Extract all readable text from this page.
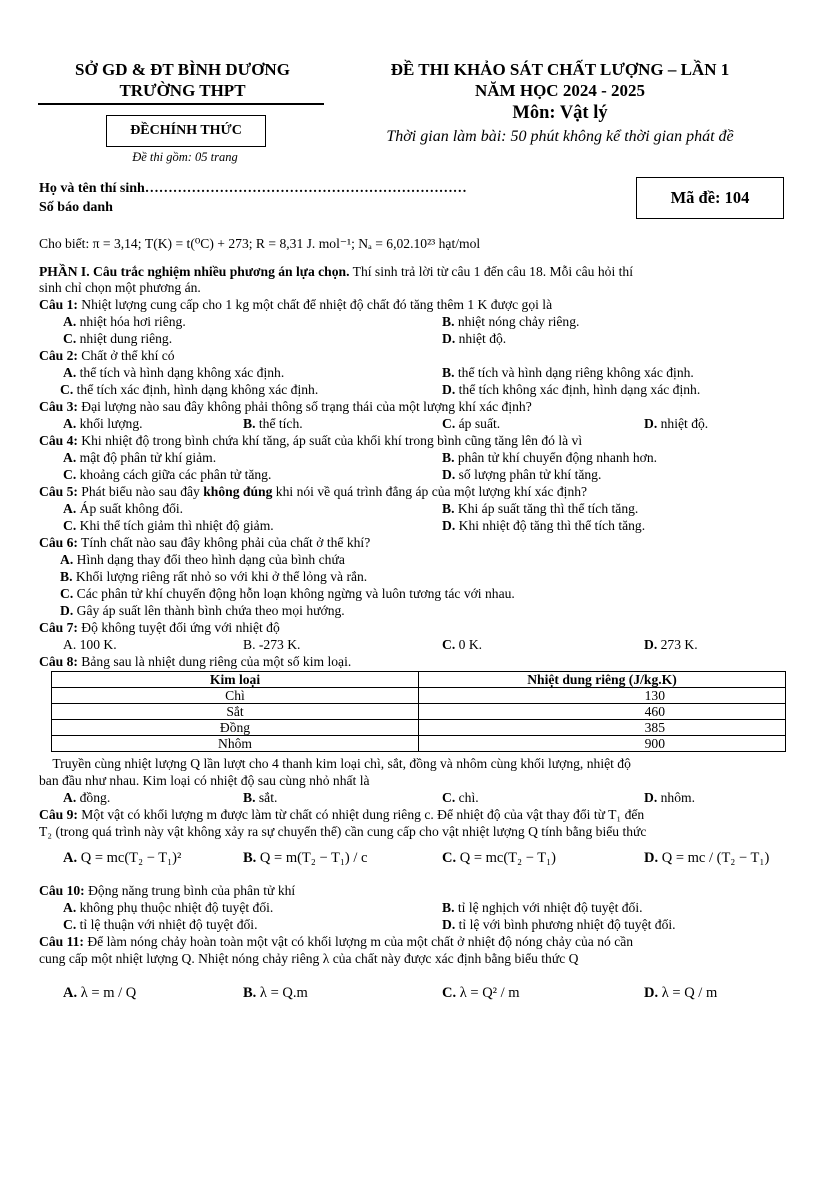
SỞ GD & ĐT BÌNH DƯƠNG
TRƯỜNG THPT
ĐỀCHÍNH THỨC
Đề thi gồm: 05 trang
ĐỀ THI KHẢO SÁT CHẤT LƯỢNG – LẦN 1
NĂM HỌC 2024 - 2025
Môn: Vật lý
Thời gian làm bài: 50 phút không kể thời gian phát đề
Họ và tên thí sinh……………………………………………………………
Số báo danh
Mã đề: 104
Cho biết: π = 3,14; T(K) = t(⁰C) + 273; R = 8,31 J. mol⁻¹; Nₐ = 6,02.10²³ hạt/mol
PHẦN I. Câu trắc nghiệm nhiều phương án lựa chọn. Thí sinh trả lời từ câu 1 đến câu 18. Mỗi câu hỏi thí
sinh chỉ chọn một phương án.
Câu 1: Nhiệt lượng cung cấp cho 1 kg một chất để nhiệt độ chất đó tăng thêm 1 K được gọi là
A. nhiệt hóa hơi riêng.	B. nhiệt nóng chảy riêng.
C. nhiệt dung riêng.	D. nhiệt độ.
Câu 2: Chất ở thể khí có
A. thể tích và hình dạng không xác định.	B. thể tích và hình dạng riêng không xác định.
C. thể tích xác định, hình dạng không xác định.	D. thể tích không xác định, hình dạng xác định.
Câu 3: Đại lượng nào sau đây không phải thông số trạng thái của một lượng khí xác định?
A. khối lượng.	B. thể tích.	C. áp suất.	D. nhiệt độ.
Câu 4: Khi nhiệt độ trong bình chứa khí tăng, áp suất của khối khí trong bình cũng tăng lên đó là vì
A. mật độ phân tử khí giảm.	B. phân tử khí chuyển động nhanh hơn.
C. khoảng cách giữa các phân tử tăng.	D. số lượng phân tử khí tăng.
Câu 5: Phát biểu nào sau đây không đúng khi nói về quá trình đẳng áp của một lượng khí xác định?
A. Áp suất không đổi.	B. Khi áp suất tăng thì thể tích tăng.
C. Khi thể tích giảm thì nhiệt độ giảm.	D. Khi nhiệt độ tăng thì thể tích tăng.
Câu 6: Tính chất nào sau đây không phải của chất ở thể khí?
A. Hình dạng thay đổi theo hình dạng của bình chứa
B. Khối lượng riêng rất nhỏ so với khi ở thể lỏng và rắn.
C. Các phân tử khí chuyển động hỗn loạn không ngừng và luôn tương tác với nhau.
D. Gây áp suất lên thành bình chứa theo mọi hướng.
Câu 7: Độ không tuyệt đối ứng với nhiệt độ
A. 100 K.	B. -273 K.	C. 0 K.	D. 273 K.
Câu 8: Bảng sau là nhiệt dung riêng của một số kim loại.
Kim loại	Nhiệt dung riêng (J/kg.K)
Chì	130
Sắt	460
Đồng	385
Nhôm	900
Truyền cùng nhiệt lượng Q lần lượt cho 4 thanh kim loại chì, sắt, đồng và nhôm cùng khối lượng, nhiệt độ
ban đầu như nhau. Kim loại có nhiệt độ sau cùng nhỏ nhất là
A. đồng.	B. sắt.	C. chì.	D. nhôm.
Câu 9: Một vật có khối lượng m được làm từ chất có nhiệt dung riêng c. Để nhiệt độ của vật thay đổi từ T₁ đến
T₂ (trong quá trình này vật không xảy ra sự chuyển thể) cần cung cấp cho vật nhiệt lượng Q tính bằng biểu thức
A. Q = mc(T₂ − T₁)²	B. Q = m(T₂ − T₁) / c	C. Q = mc(T₂ − T₁)	D. Q = mc / (T₂ − T₁)
Câu 10: Động năng trung bình của phân tử khí
A. không phụ thuộc nhiệt độ tuyệt đối.	B. tỉ lệ nghịch với nhiệt độ tuyệt đối.
C. tỉ lệ thuận với nhiệt độ tuyệt đối.	D. tỉ lệ với bình phương nhiệt độ tuyệt đối.
Câu 11: Để làm nóng chảy hoàn toàn một vật có khối lượng m của một chất ở nhiệt độ nóng chảy của nó cần
cung cấp một nhiệt lượng Q. Nhiệt nóng chảy riêng λ của chất này được xác định bằng biểu thức Q
A. λ = m / Q	B. λ = Q.m	C. λ = Q² / m	D. λ = Q / m
